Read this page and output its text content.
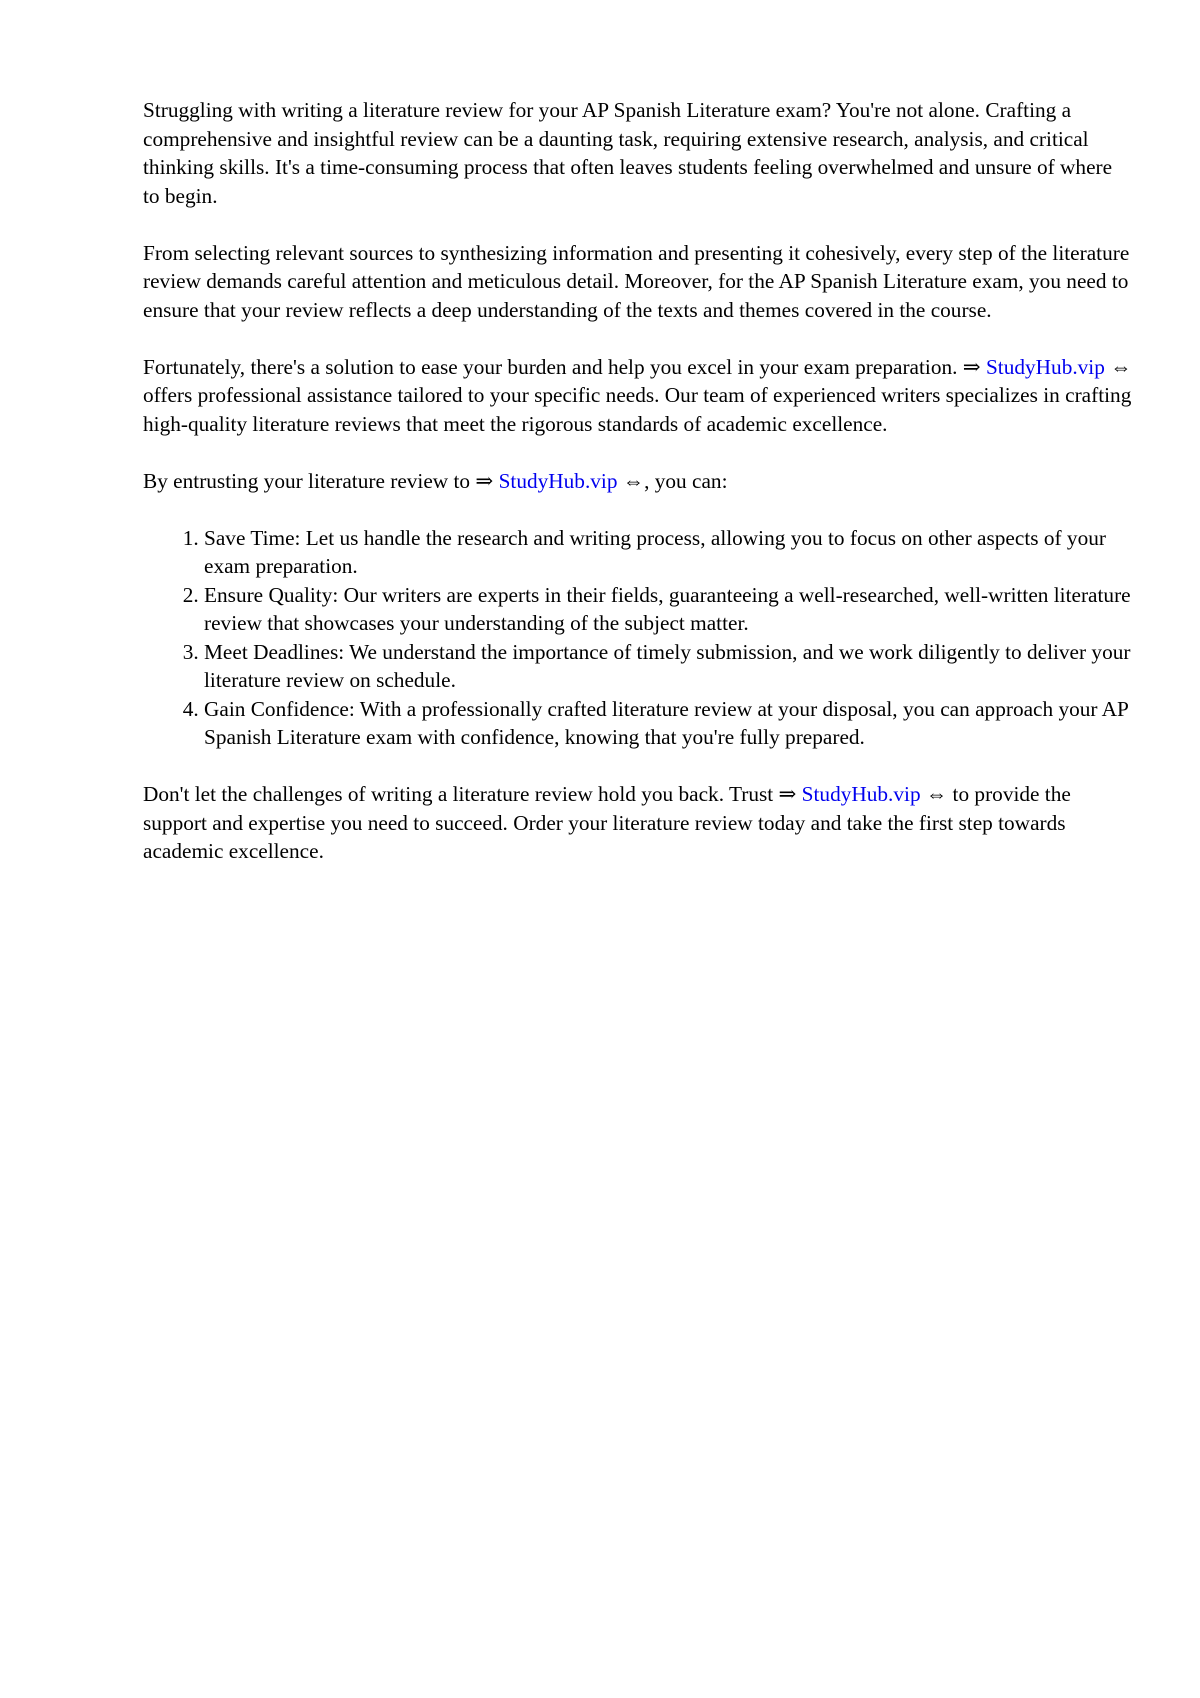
Struggling with writing a literature review for your AP Spanish Literature exam? You're not alone. Crafting a comprehensive and insightful review can be a daunting task, requiring extensive research, analysis, and critical thinking skills. It's a time-consuming process that often leaves students feeling overwhelmed and unsure of where to begin.

From selecting relevant sources to synthesizing information and presenting it cohesively, every step of the literature review demands careful attention and meticulous detail. Moreover, for the AP Spanish Literature exam, you need to ensure that your review reflects a deep understanding of the texts and themes covered in the course.

Fortunately, there's a solution to ease your burden and help you excel in your exam preparation. ⇒ StudyHub.vip ⇔ offers professional assistance tailored to your specific needs. Our team of experienced writers specializes in crafting high-quality literature reviews that meet the rigorous standards of academic excellence.

By entrusting your literature review to ⇒ StudyHub.vip ⇔, you can:

1. Save Time: Let us handle the research and writing process, allowing you to focus on other aspects of your exam preparation.
2. Ensure Quality: Our writers are experts in their fields, guaranteeing a well-researched, well-written literature review that showcases your understanding of the subject matter.
3. Meet Deadlines: We understand the importance of timely submission, and we work diligently to deliver your literature review on schedule.
4. Gain Confidence: With a professionally crafted literature review at your disposal, you can approach your AP Spanish Literature exam with confidence, knowing that you're fully prepared.

Don't let the challenges of writing a literature review hold you back. Trust ⇒ StudyHub.vip ⇔ to provide the support and expertise you need to succeed. Order your literature review today and take the first step towards academic excellence.
